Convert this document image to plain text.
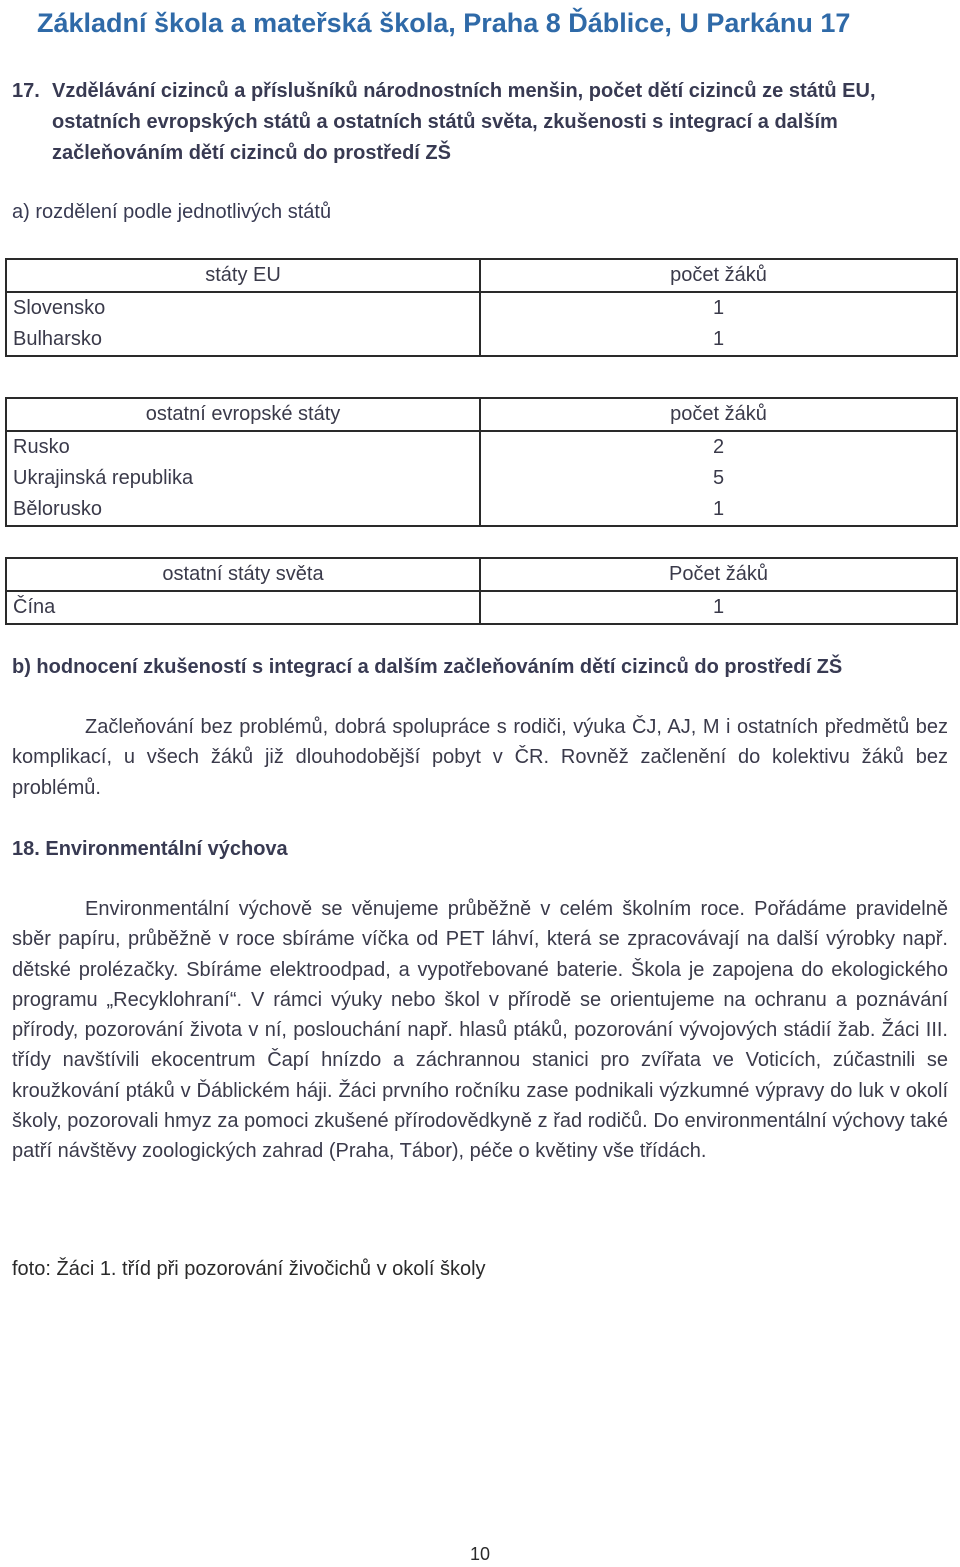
Základní škola a mateřská škola, Praha 8 Ďáblice, U Parkánu 17
17. Vzdělávání cizinců a příslušníků národnostních menšin, počet dětí cizinců ze států EU,
ostatních evropských států a ostatních států světa, zkušenosti s integrací a dalším
začleňováním dětí cizinců do prostředí ZŠ
a) rozdělení podle jednotlivých států
státy EU	počet žáků
Slovensko	1
Bulharsko	1
ostatní evropské státy	počet žáků
Rusko	2
Ukrajinská republika	5
Bělorusko	1
ostatní státy světa	Počet žáků
Čína	1
b) hodnocení zkušeností s integrací a dalším začleňováním dětí cizinců do prostředí ZŠ
Začleňování bez problémů, dobrá spolupráce s rodiči, výuka ČJ, AJ, M i ostatních předmětů bez komplikací, u všech žáků již dlouhodobější pobyt v ČR. Rovněž začlenění do kolektivu žáků bez problémů.
18. Environmentální výchova
Environmentální výchově se věnujeme průběžně v celém školním roce. Pořádáme pravidelně sběr papíru, průběžně v roce sbíráme víčka od PET láhví, která se zpracovávají na další výrobky např. dětské prolézačky. Sbíráme elektroodpad, a vypotřebované baterie. Škola je zapojena do ekologického programu „Recyklohraní“. V rámci výuky nebo škol v přírodě se orientujeme na ochranu a poznávání přírody, pozorování života v ní, poslouchání např. hlasů ptáků, pozorování vývojových stádií žab. Žáci III. třídy navštívili ekocentrum Čapí hnízdo a záchrannou stanici pro zvířata ve Voticích, zúčastnili se kroužkování ptáků v Ďáblickém háji. Žáci prvního ročníku zase podnikali výzkumné výpravy do luk v okolí školy, pozorovali hmyz za pomoci zkušené přírodovědkyně z řad rodičů. Do environmentální výchovy také patří návštěvy zoologických zahrad (Praha, Tábor), péče o květiny vše třídách.
foto: Žáci 1. tříd při pozorování živočichů v okolí školy
10
